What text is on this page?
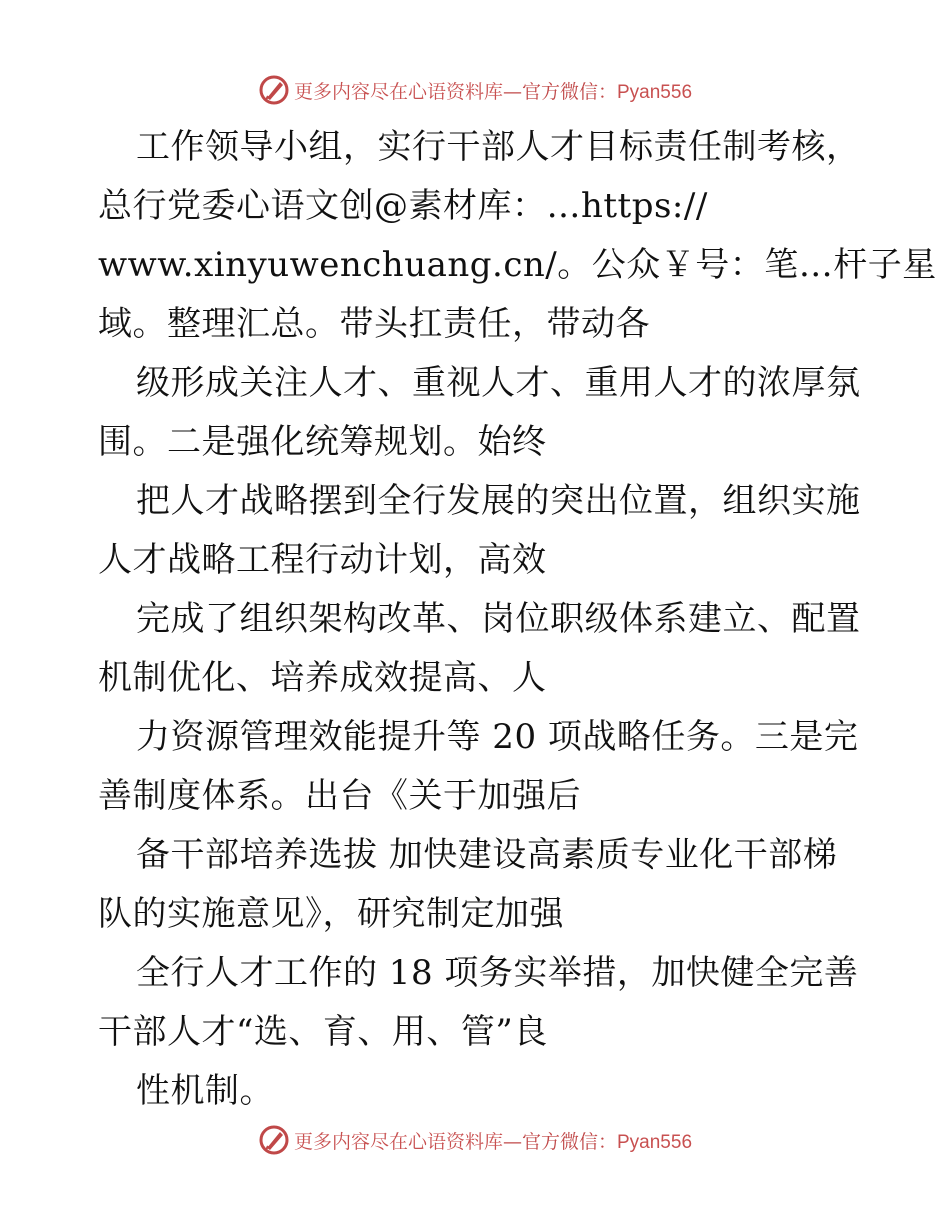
更多内容尽在心语资料库—官方微信：Pyan556
工作领导小组，实行干部人才目标责任制考核，
总行党委心语文创@素材库：…https://
www.xinyuwenchuang.cn/。公众￥号：笔…杆子星
域。整理汇总。带头扛责任，带动各
级形成关注人才、重视人才、重用人才的浓厚氛
围。二是强化统筹规划。始终
把人才战略摆到全行发展的突出位置，组织实施
人才战略工程行动计划，高效
完成了组织架构改革、岗位职级体系建立、配置
机制优化、培养成效提高、人
力资源管理效能提升等 20 项战略任务。三是完
善制度体系。出台《关于加强后
备干部培养选拔 加快建设高素质专业化干部梯
队的实施意见》，研究制定加强
全行人才工作的 18 项务实举措，加快健全完善
干部人才“选、育、用、管”良
性机制。
更多内容尽在心语资料库—官方微信：Pyan556
